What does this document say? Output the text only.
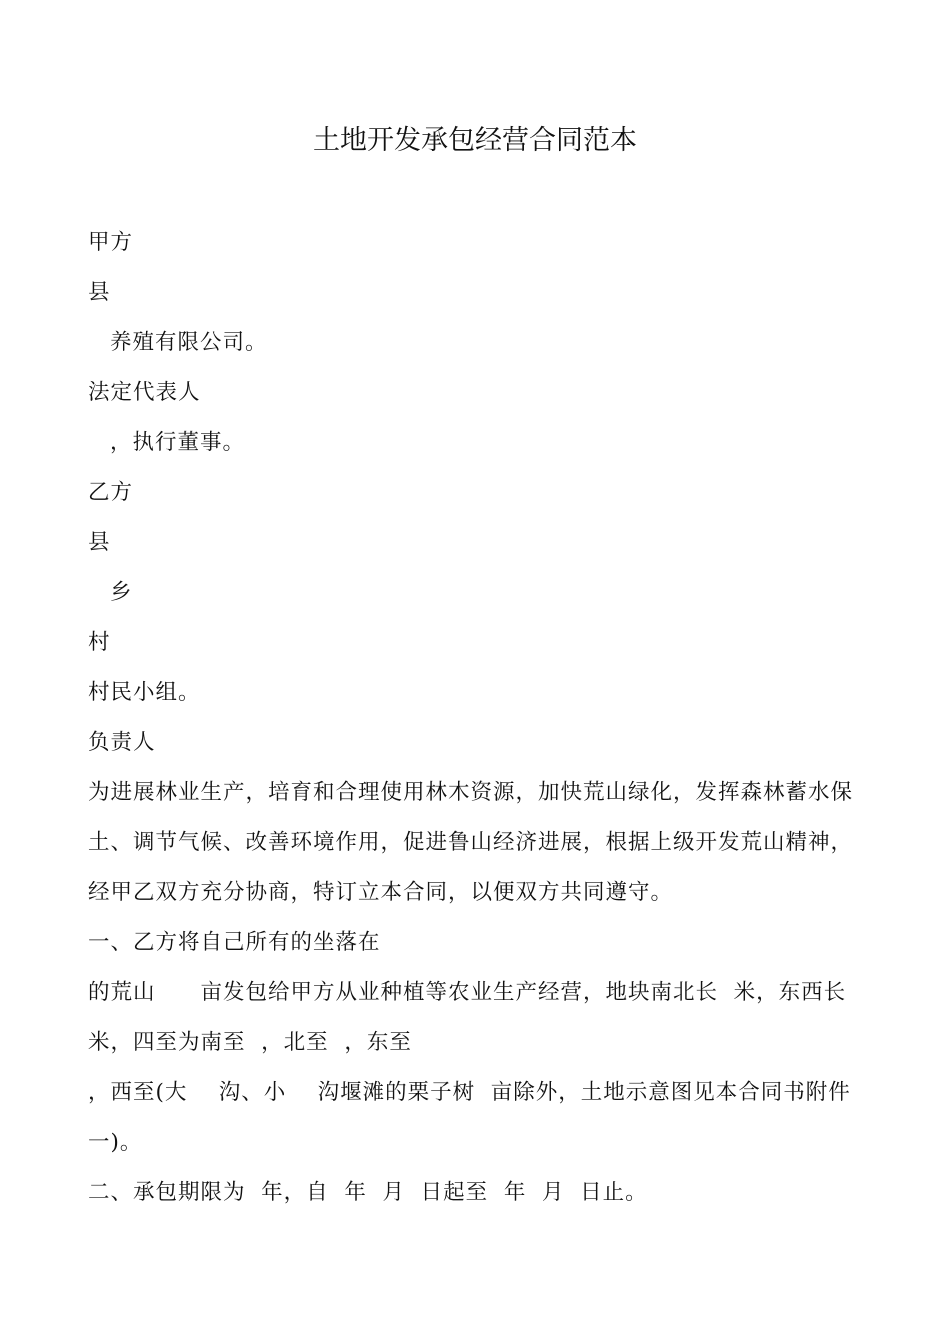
土地开发承包经营合同范本

甲方

县

养殖有限公司。

法定代表人

，执行董事。

乙方

县

乡

村

村民小组。

负责人

为进展林业生产，培育和合理使用林木资源，加快荒山绿化，发挥森林蓄水保土、调节气候、改善环境作用，促进鲁山经济进展，根据上级开发荒山精神，经甲乙双方充分协商，特订立本合同，以便双方共同遵守。

一、乙方将自己所有的坐落在

的荒山　　亩发包给甲方从业种植等农业生产经营，地块南北长  米，东西长  米，四至为南至  ，北至  ，东至

，西至(大    沟、小    沟堰滩的栗子树  亩除外，土地示意图见本合同书附件一)。

二、承包期限为  年，自  年  月  日起至  年  月  日止。
